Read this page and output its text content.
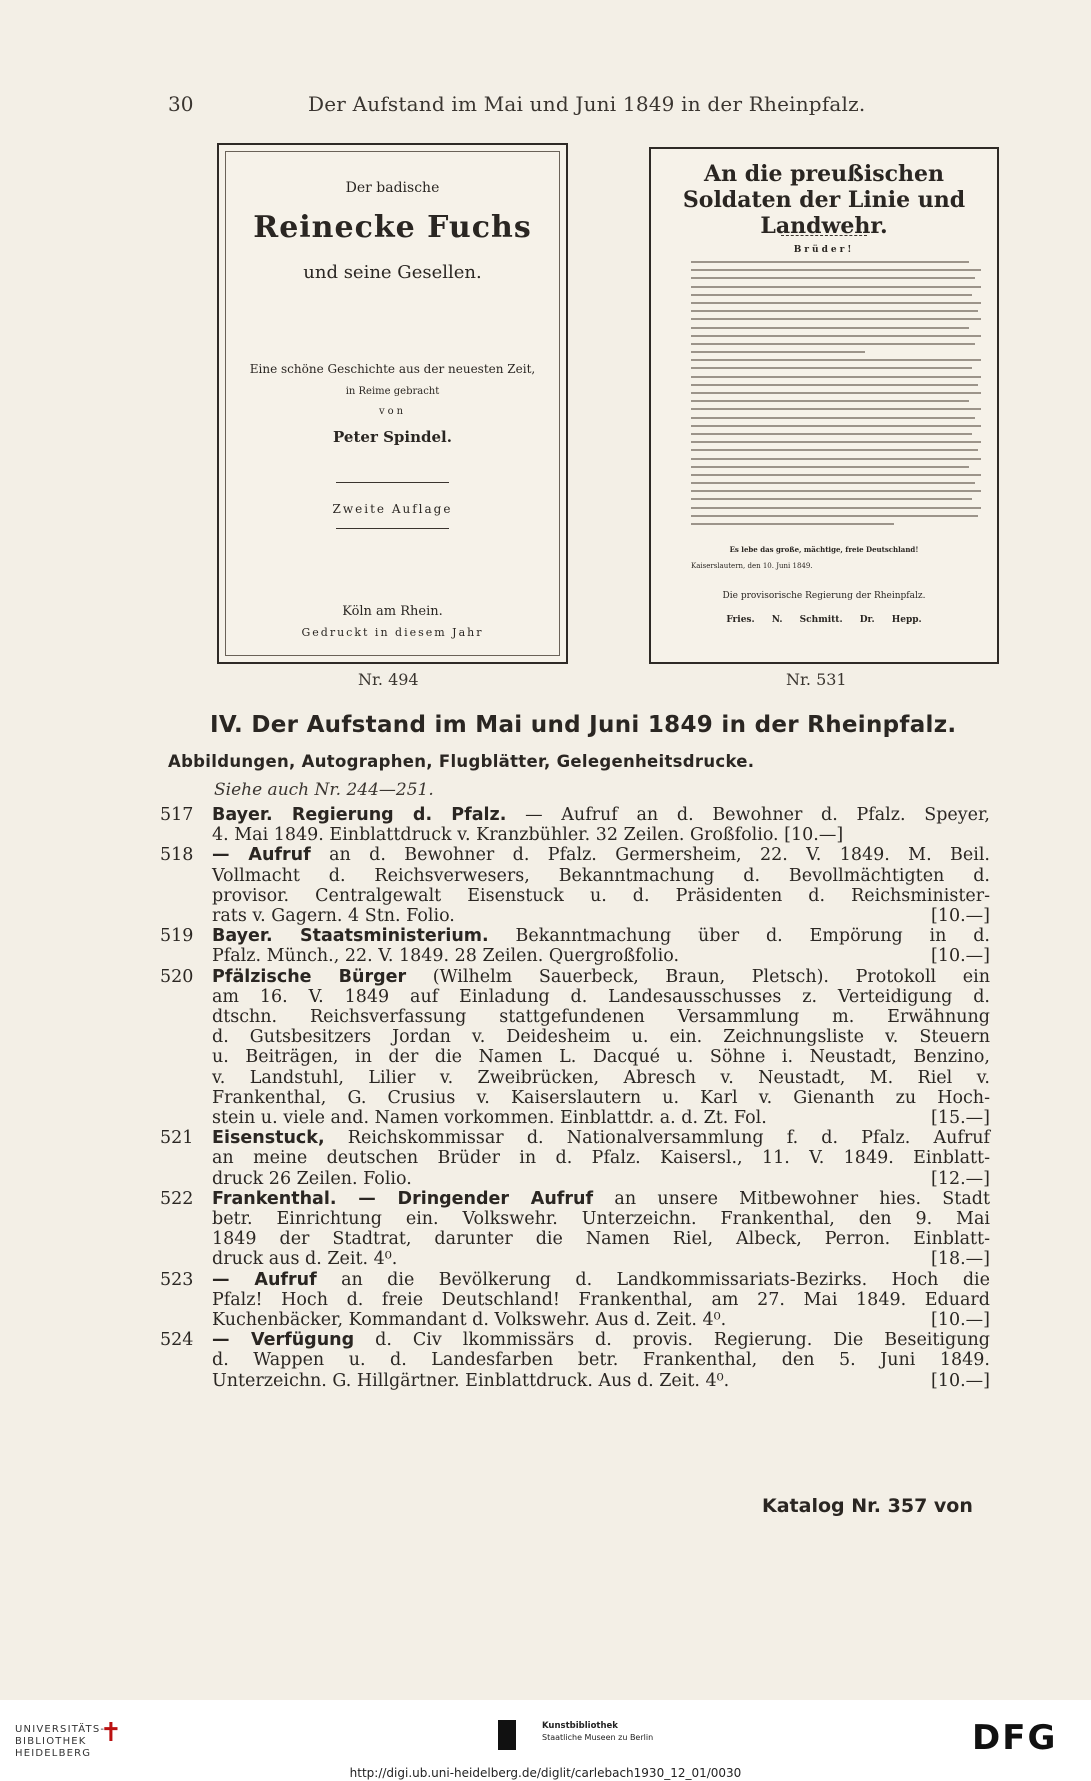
30	Der Aufstand im Mai und Juni 1849 in der Rheinpfalz.
Der badische
Reinecke Fuchs
und seine Gesellen.
Eine schöne Geschichte aus der neuesten Zeit,
in Reime gebracht
von
Peter Spindel.
Zweite Auflage
Köln am Rhein.
Gedruckt in diesem Jahr
Nr. 494
An die preußischen Soldaten der Linie und Landwehr.
Brüder!
Es lebe das große, mächtige, freie Deutschland!
Kaiserslautern, den 10. Juni 1849.
Die provisorische Regierung der Rheinpfalz.
Fries. N. Schmitt. Dr. Hepp.
Nr. 531
IV. Der Aufstand im Mai und Juni 1849 in der Rheinpfalz.
Abbildungen, Autographen, Flugblätter, Gelegenheitsdrucke.
Siehe auch Nr. 244—251.
517	Bayer. Regierung d. Pfalz. — Aufruf an d. Bewohner d. Pfalz. Speyer,
4. Mai 1849. Einblattdruck v. Kranzbühler. 32 Zeilen. Großfolio. [10.—]
518	— Aufruf an d. Bewohner d. Pfalz. Germersheim, 22. V. 1849. M. Beil.
Vollmacht d. Reichsverwesers, Bekanntmachung d. Bevollmächtigten d.
provisor. Centralgewalt Eisenstuck u. d. Präsidenten d. Reichsminister-
rats v. Gagern. 4 Stn. Folio.	[10.—]
519	Bayer. Staatsministerium. Bekanntmachung über d. Empörung in d.
Pfalz. Münch., 22. V. 1849. 28 Zeilen. Quergroßfolio.	[10.—]
520	Pfälzische Bürger (Wilhelm Sauerbeck, Braun, Pletsch). Protokoll ein
am 16. V. 1849 auf Einladung d. Landesausschusses z. Verteidigung d.
dtschn. Reichsverfassung stattgefundenen Versammlung m. Erwähnung
d. Gutsbesitzers Jordan v. Deidesheim u. ein. Zeichnungsliste v. Steuern
u. Beiträgen, in der die Namen L. Dacqué u. Söhne i. Neustadt, Benzino,
v. Landstuhl, Lilier v. Zweibrücken, Abresch v. Neustadt, M. Riel v.
Frankenthal, G. Crusius v. Kaiserslautern u. Karl v. Gienanth zu Hoch-
stein u. viele and. Namen vorkommen. Einblattdr. a. d. Zt. Fol.	[15.—]
521	Eisenstuck, Reichskommissar d. Nationalversammlung f. d. Pfalz. Aufruf
an meine deutschen Brüder in d. Pfalz. Kaisersl., 11. V. 1849. Einblatt-
druck 26 Zeilen. Folio.	[12.—]
522	Frankenthal. — Dringender Aufruf an unsere Mitbewohner hies. Stadt
betr. Einrichtung ein. Volkswehr. Unterzeichn. Frankenthal, den 9. Mai
1849 der Stadtrat, darunter die Namen Riel, Albeck, Perron. Einblatt-
druck aus d. Zeit. 4⁰.	[18.—]
523	— Aufruf an die Bevölkerung d. Landkommissariats-Bezirks. Hoch die
Pfalz! Hoch d. freie Deutschland! Frankenthal, am 27. Mai 1849. Eduard
Kuchenbäcker, Kommandant d. Volkswehr. Aus d. Zeit. 4⁰.	[10.—]
524	— Verfügung d. Civ lkommissärs d. provis. Regierung. Die Beseitigung
d. Wappen u. d. Landesfarben betr. Frankenthal, den 5. Juni 1849.
Unterzeichn. G. Hillgärtner. Einblattdruck. Aus d. Zeit. 4⁰.	[10.—]
Katalog Nr. 357 von
UNIVERSITÄTS-
BIBLIOTHEK
HEIDELBERG
✝	Kunstbibliothek
Staatliche Museen zu Berlin	DFG
http://digi.ub.uni-heidelberg.de/diglit/carlebach1930_12_01/0030
